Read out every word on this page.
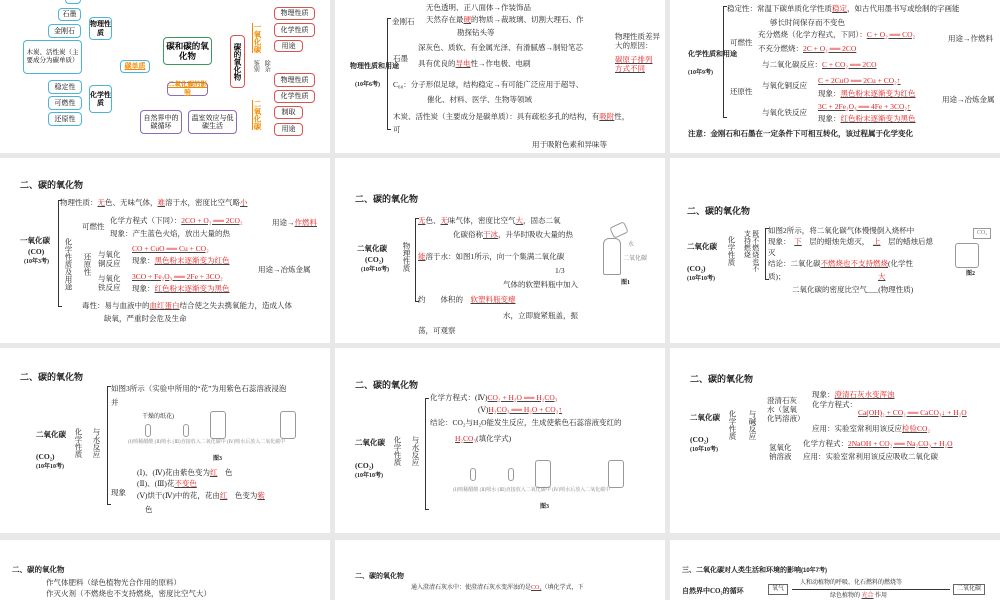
石墨
金刚石
木炭、活性炭（主要成分为碳单质）
物理性质
稳定性
可燃性
还原性
化学性质
碳单质
碳和碳的氧化物
二氧化碳的影响
自然界中的碳循环
温室效应与低碳生活
碳的氧化物
一氧化碳
鉴别 除杂
二氧化碳
物理性质
化学性质
用途
物理性质
化学性质
制取
用途
物理性质和用途
(10年6考)
金刚石
无色透明、正八面体→作装饰品
天然存在最硬的物质→裁玻璃、切割大理石、作
勘探钻头等
石墨
深灰色、质软、有金属光泽、有滑腻感→制铅笔芯
具有优良的导电性→作电极、电刷
C₆₀：分子形似足球，结构稳定→有可能广泛应用于超导、
催化、材料、医学、生物等领域
木炭、活性炭（主要成分是碳单质）：具有疏松多孔的结构，有吸附性，
可
用于吸附色素和异味等
物理性质差异大的原因：
碳原子排列方式不同
化学性质和用途
(10年9考)
稳定性：常温下碳单质化学性质稳定，如古代用墨书写或绘制的字画能
够长时间保存而不变色
可燃性
充分燃烧（化学方程式，下同）：C + O₂ ══ CO₂
不充分燃烧：2C + O₂ ══ 2CO
用途→作燃料
还原性
与二氧化碳反应：C + CO₂ ══ 2CO
与氧化铜反应
C + 2CuO ══ 2Cu + CO₂↑
现象：黑色粉末逐渐变为红色
用途→冶炼金属
与氧化铁反应
3C + 2Fe₂O₃ ══ 4Fe + 3CO₂↑
现象：红色粉末逐渐变为黑色
注意：金刚石和石墨在一定条件下可相互转化，该过程属于化学变化
二、碳的氧化物
一氧化碳
(CO)
(10年3考)
物理性质：无色、无味气体，难溶于水，密度比空气略小
化学性质及用途
可燃性
化学方程式（下同）：2CO + O₂ ══ 2CO₂
现象：产生蓝色火焰，放出大量的热
用途→作燃料
还原性 与氧化铜反应
CO + CuO ══ Cu + CO₂
现象：黑色粉末逐渐变为红色
用途→冶炼金属
与氧化铁反应
3CO + Fe₂O₃ ══ 2Fe + 3CO₂
现象：红色粉末逐渐变为黑色
毒性：易与血液中的血红蛋白结合使之失去携氧能力，造成人体
缺氧，严重时会危及生命
二、碳的氧化物
二氧化碳
(CO₂)
(10年10考) 物理性质
无色、无味气体，密度比空气大，固态二氧
化碳俗称干冰，升华时吸收大量的热
能溶于水：如图1所示，向一个集满二氧化碳
1/3
气体的软塑料瓶中加入
约　　 体积的　 软塑料瓶变瘪
水，立即旋紧瓶盖，振
荡，可观察
水
二氧化碳
图1
二、碳的氧化物
二氧化碳
(CO₂)
(10年10考)
化学性质	既不燃烧也不支持燃烧	如图2所示，将二氧化碳气体慢慢倒入烧杯中
现象：　 下　 层的蜡烛先熄灭，　 上　 层的蜡烛后熄
灭
结论：二氧化碳不燃烧也不支持燃烧(化学性
质)；	大
二氧化碳的密度比空气___(物理性质)
CO₂
图2
二、碳的氧化物
二氧化碳
(CO₂)
(10年10考)
化学性质 与水反应
如图3所示（实验中所用的“花”为用紫色石蕊溶液浸泡
并
干燥的纸花)
(Ⅰ)喷稀醋酸 (Ⅱ)喷水 (Ⅲ)直接放入二氧化碳中 (Ⅳ)喷水后放入二氧化碳中
图3
现象
(Ⅰ)、(Ⅳ)花由紫色变为红　 色
(Ⅱ)、(Ⅲ)花不变色
(Ⅴ)烘干(Ⅳ)中的花，花由红　 色变为紫
色
二、碳的氧化物
二氧化碳
(CO₂)
(10年10考)
化学性质 与水反应
化学方程式：(Ⅳ)CO₂ + H₂O ══ H₂CO₃
(Ⅴ)H₂CO₃ ══ H₂O + CO₂↑
结论：CO₂与H₂O能发生反应，生成使紫色石蕊溶液变红的
H₂CO₃(填化学式)
(Ⅰ)喷稀醋酸 (Ⅱ)喷水 (Ⅲ)直接放入二氧化碳中 (Ⅳ)喷水后放入二氧化碳中
图3
二、碳的氧化物
二氧化碳
(CO₂)
(10年10考)
化学性质 与碱反应
澄清石灰水（氢氧化钙溶液）
现象：澄清石灰水变浑浊
化学方程式：
Ca(OH)₂ + CO₂ ══ CaCO₃↓ + H₂O
应用：实验室常利用该反应检验CO₂
氢氧化钠溶液
化学方程式：2NaOH + CO₂ ══ Na₂CO₃ + H₂O
应用：实验室常利用该反应吸收二氧化碳
二、碳的氧化物
作气体肥料（绿色植物光合作用的原料）
作灭火剂（不燃烧也不支持燃烧，密度比空气大）
二、碳的氧化物
通入澄清石灰水中：使澄清石灰水变浑浊的是CO₂（填化学式，下
三、二氧化碳对人类生活和环境的影响(10年7考)
自然界中CO₂的循环	氧气
人和动植物的呼吸、化石燃料的燃烧等
二氧化碳
绿色植物的 光合 作用
